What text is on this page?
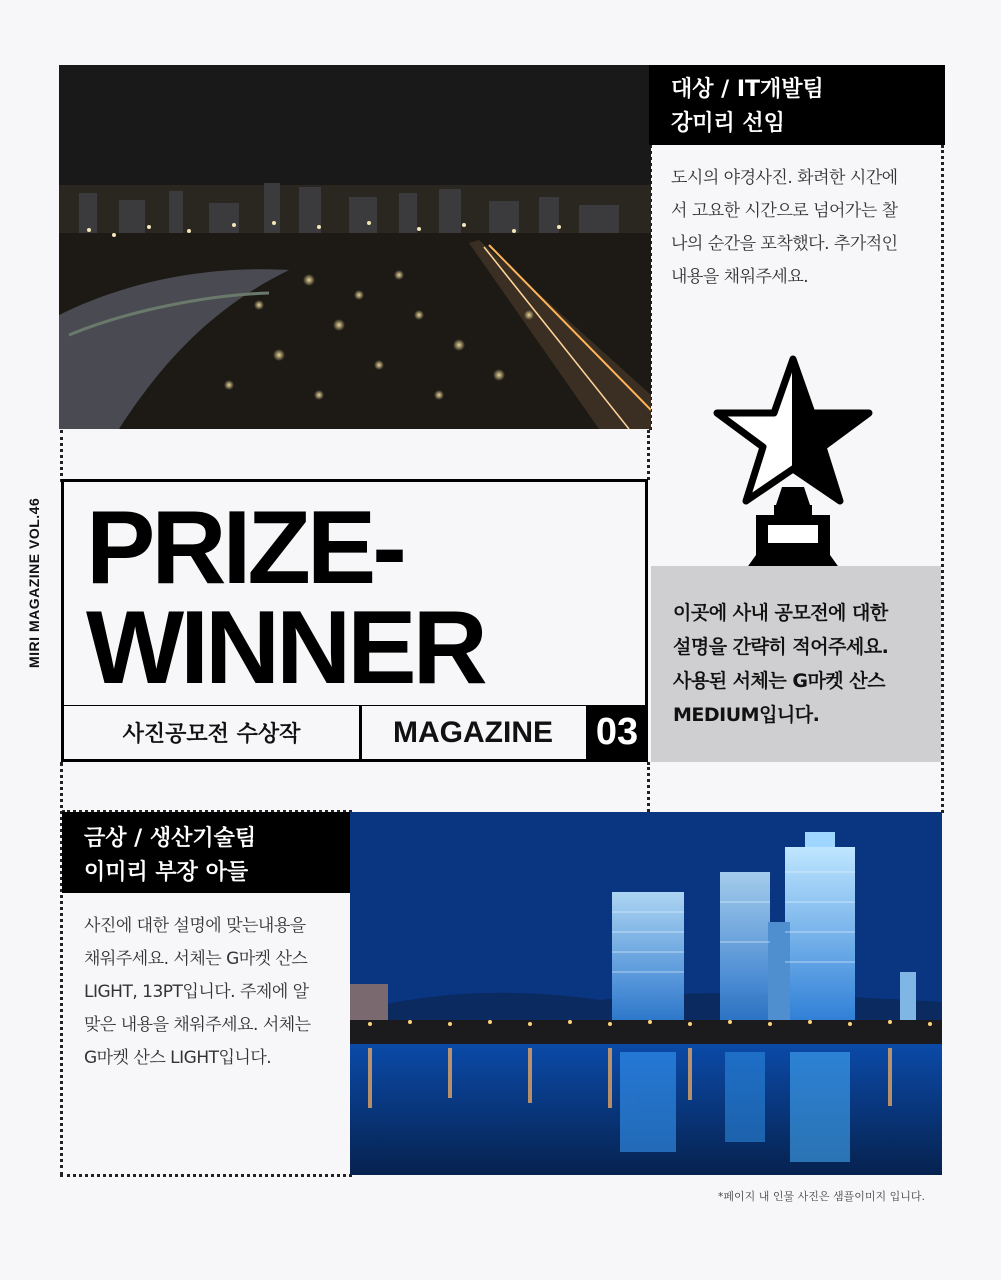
대상 / IT개발팀
강미리 선임
도시의 야경사진. 화려한 시간에
서 고요한 시간으로 넘어가는 찰
나의 순간을 포착했다. 추가적인
내용을 채워주세요.
MIRI MAGAZINE VOL.46 PRIZE-
WINNER
사진공모전 수상작	MAGAZINE 03
이곳에 사내 공모전에 대한
설명을 간략히 적어주세요.
사용된 서체는 G마켓 산스
MEDIUM입니다.
금상 / 생산기술팀
이미리 부장 아들
사진에 대한 설명에 맞는내용을
채워주세요. 서체는 G마켓 산스
LIGHT, 13PT입니다. 주제에 알
맞은 내용을 채워주세요. 서체는
G마켓 산스 LIGHT입니다.
*페이지 내 인물 사진은 샘플이미지 입니다.
